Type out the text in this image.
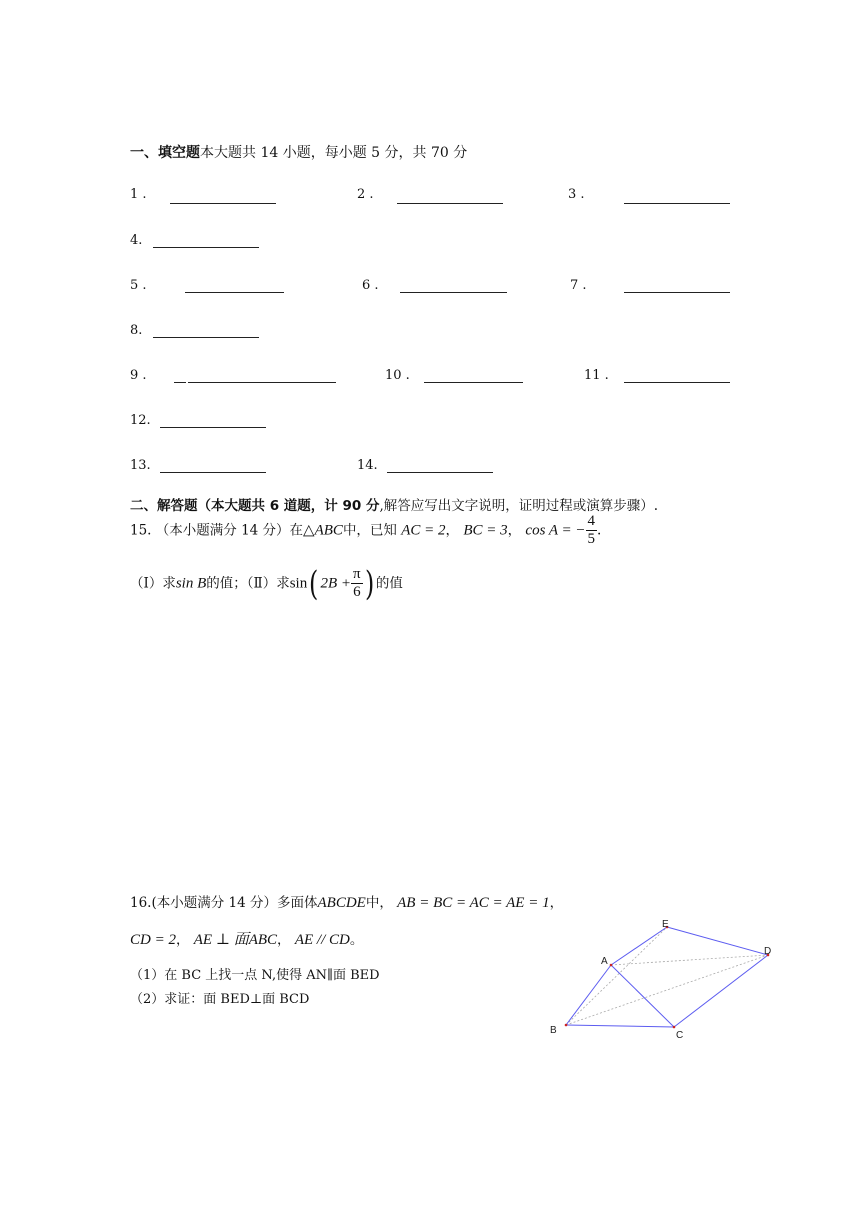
一、填空题本大题共 14 小题，每小题 5 分，共 70 分
1 .	2 .	3 .
4.
5 .	6 .	7 .
8.
9 .	10 .	11 .
12.
13.	14.
二、解答题（本大题共 6 道题，计 90 分,解答应写出文字说明，证明过程或演算步骤）.
15. （本小题满分 14 分）在△ABC中，已知 AC = 2， BC = 3， cos A = − $\frac{4}{5}$ .
（Ⅰ）求sin B的值；（Ⅱ）求sin( $2B + \frac{\pi}{6}$ ) 的值
16.(本小题满分 14 分）多面体ABCDE中， AB = BC = AC = AE = 1，
CD = 2， AE ⊥ 面ABC， AE // CD。
（1）在 BC 上找一点 N,使得 AN∥面 BED
（2）求证：面 BED⊥面 BCD
A
B	C
D
E
